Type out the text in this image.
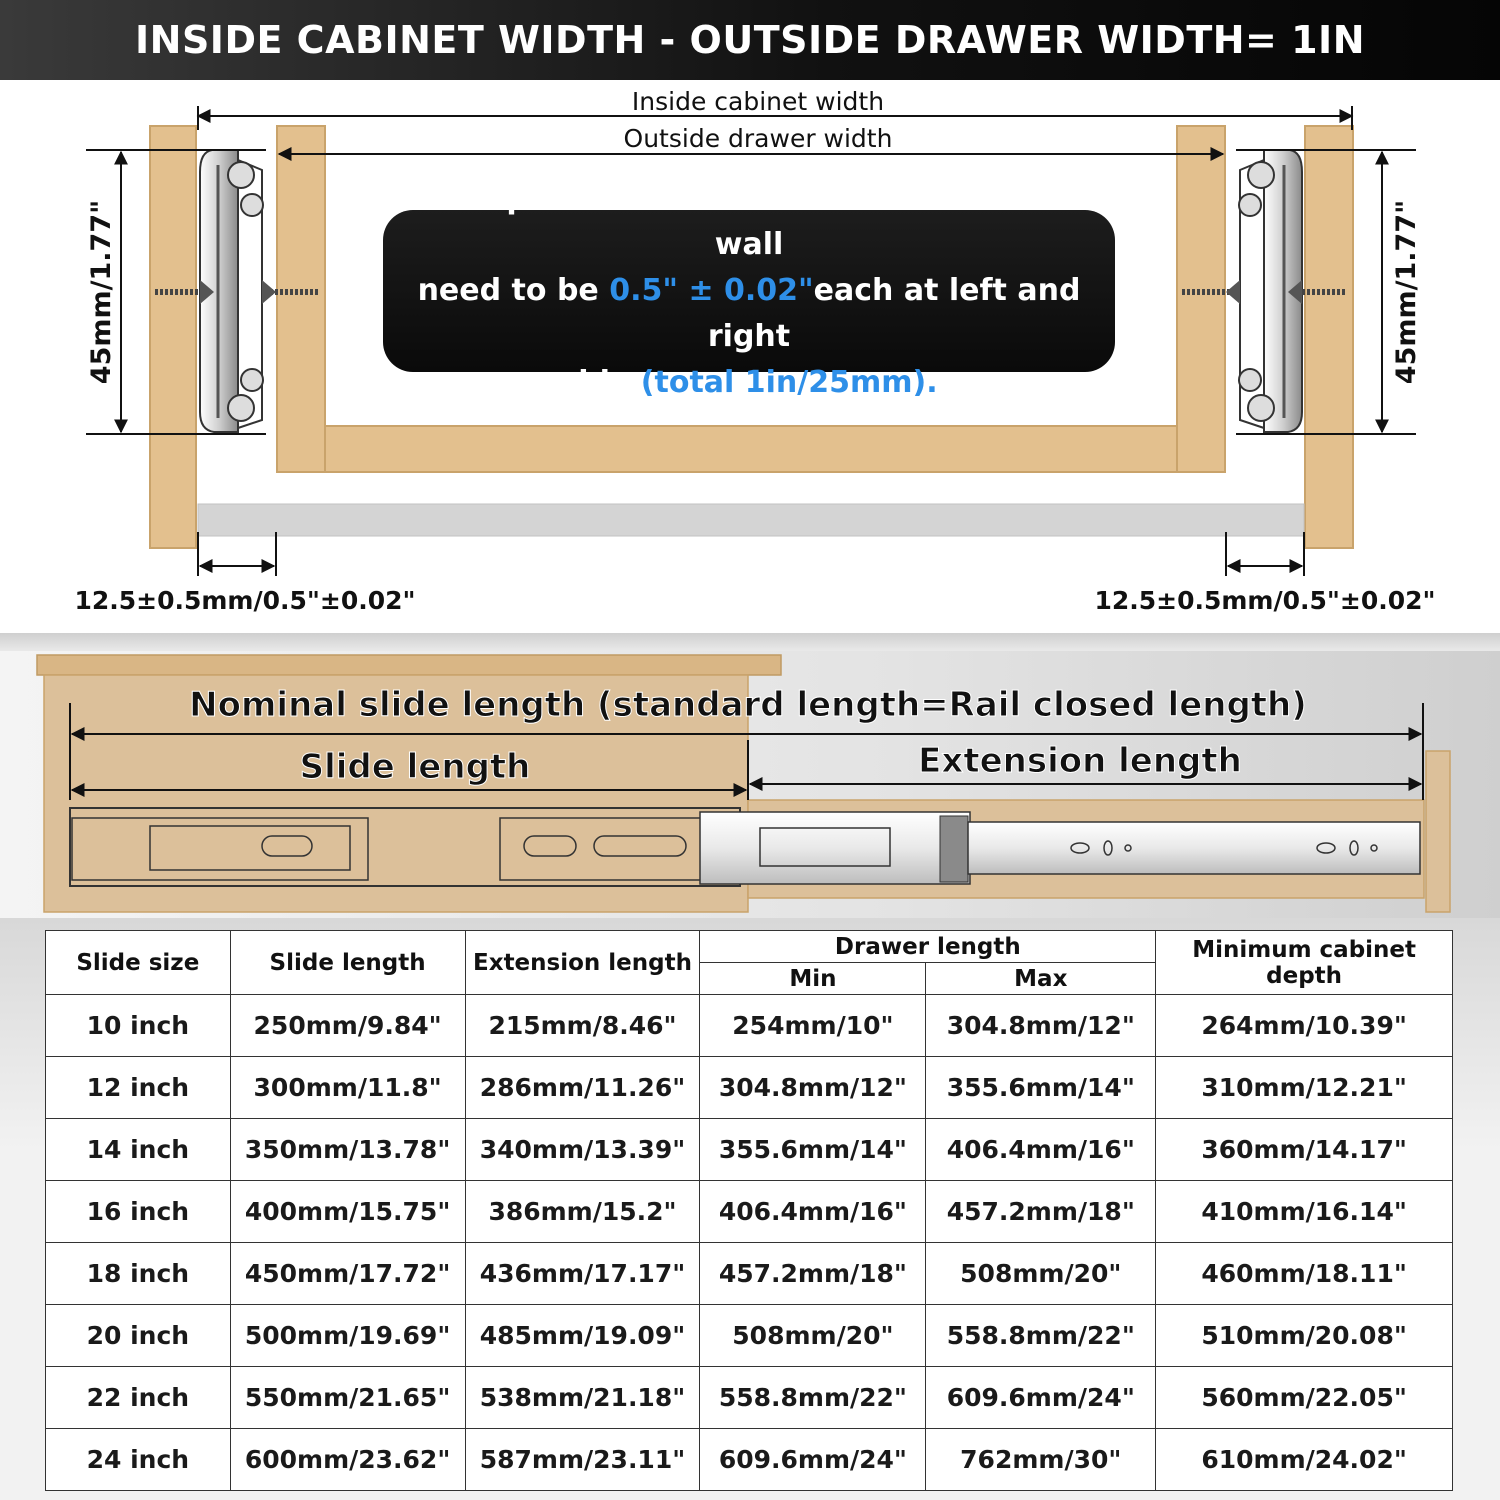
INSIDE CABINET WIDTH - OUTSIDE DRAWER WIDTH= 1IN
Inside cabinet width
Outside drawer width
45mm/1.77"	45mm/1.77"
12.5±0.5mm/0.5"±0.02"	12.5±0.5mm/0.5"±0.02"
The space between drawer and cabinet wall
need to be 0.5" ± 0.02"each at left and right
side (total 1in/25mm).
Nominal slide length (standard length=Rail closed length)
Slide length	Extension length
Slide size	Slide length	Extension length	Drawer length		Minimum cabinet depth
			Min	Max	
10 inch	250mm/9.84"	215mm/8.46"	254mm/10"	304.8mm/12"	264mm/10.39"
12 inch	300mm/11.8"	286mm/11.26"	304.8mm/12"	355.6mm/14"	310mm/12.21"
14 inch	350mm/13.78"	340mm/13.39"	355.6mm/14"	406.4mm/16"	360mm/14.17"
16 inch	400mm/15.75"	386mm/15.2"	406.4mm/16"	457.2mm/18"	410mm/16.14"
18 inch	450mm/17.72"	436mm/17.17"	457.2mm/18"	508mm/20"	460mm/18.11"
20 inch	500mm/19.69"	485mm/19.09"	508mm/20"	558.8mm/22"	510mm/20.08"
22 inch	550mm/21.65"	538mm/21.18"	558.8mm/22"	609.6mm/24"	560mm/22.05"
24 inch	600mm/23.62"	587mm/23.11"	609.6mm/24"	762mm/30"	610mm/24.02"
